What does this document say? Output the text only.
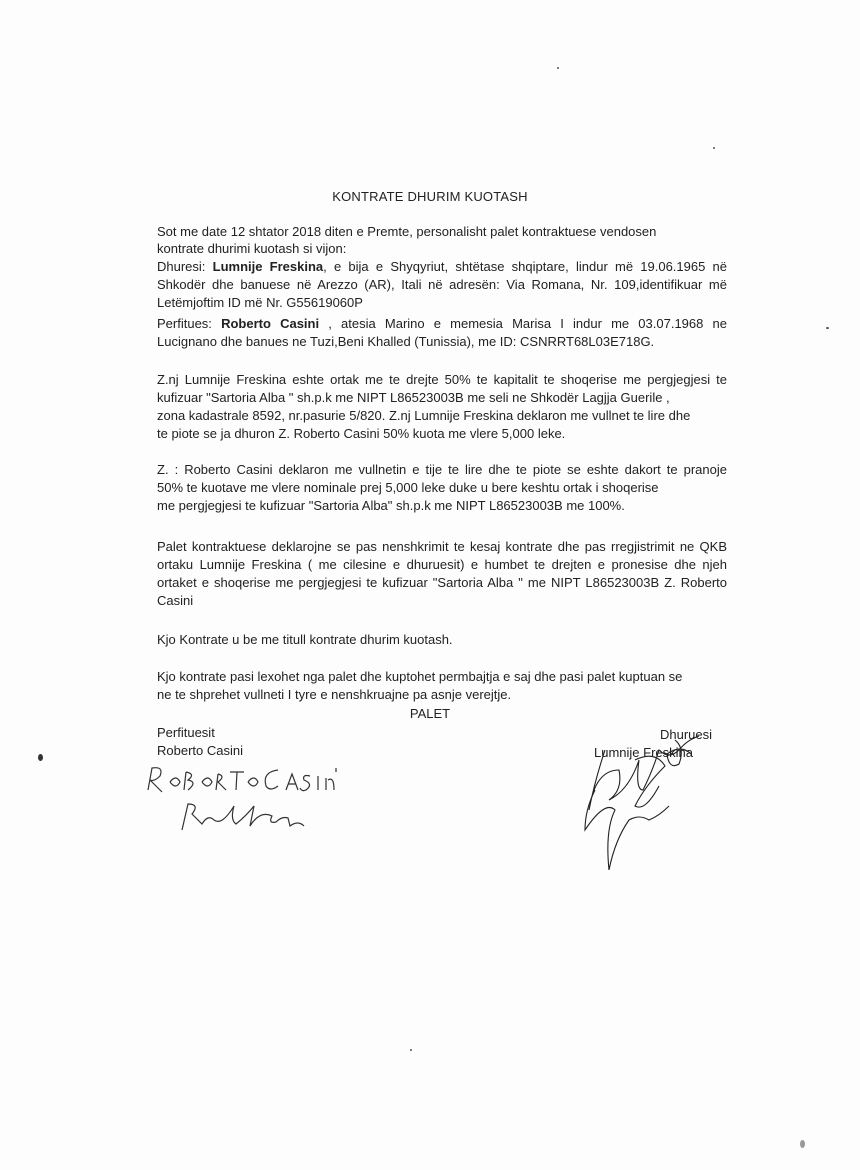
KONTRATE DHURIM KUOTASH
Sot me date 12 shtator 2018 diten e Premte, personalisht palet kontraktuese vendosen
kontrate dhurimi kuotash si vijon:
Dhuresi: Lumnije Freskina, e bija e Shyqyriut, shtëtase shqiptare, lindur më 19.06.1965 në
Shkodër dhe banuese në Arezzo (AR), Itali në adresën: Via Romana, Nr. 109,identifikuar më
Letëmjoftim ID më Nr. G55619060P
Perfitues: Roberto Casini , atesia Marino e memesia Marisa I indur me 03.07.1968 ne
Lucignano dhe banues ne Tuzi,Beni Khalled (Tunissia), me ID: CSNRRT68L03E718G.
Z.nj Lumnije Freskina eshte ortak me te drejte 50% te kapitalit te shoqerise me pergjegjesi te
kufizuar "Sartoria Alba " sh.p.k me NIPT L86523003B me seli ne Shkodër Lagjja Guerile ,
zona kadastrale 8592, nr.pasurie 5/820. Z.nj Lumnije Freskina deklaron me vullnet te lire dhe
te piote se ja dhuron Z. Roberto Casini 50% kuota me vlere 5,000 leke.
Z. : Roberto Casini deklaron me vullnetin e tije te lire dhe te piote se eshte dakort te pranoje
50% te kuotave me vlere nominale prej 5,000 leke duke u bere keshtu ortak i shoqerise
me pergjegjesi te kufizuar "Sartoria Alba" sh.p.k me NIPT L86523003B me 100%.
Palet kontraktuese deklarojne se pas nenshkrimit te kesaj kontrate dhe pas rregjistrimit ne QKB
ortaku Lumnije Freskina ( me cilesine e dhuruesit) e humbet te drejten e pronesise dhe njeh
ortaket e shoqerise me pergjegjesi te kufizuar "Sartoria Alba " me NIPT L86523003B Z. Roberto
Casini
Kjo Kontrate u be me titull kontrate dhurim kuotash.
Kjo kontrate pasi lexohet nga palet dhe kuptohet permbajtja e saj dhe pasi palet kuptuan se
ne te shprehet vullneti I tyre e nenshkruajne pa asnje verejtje.
PALET
Perfituesit
Roberto Casini
Dhuruesi
Lumnije Freskina
